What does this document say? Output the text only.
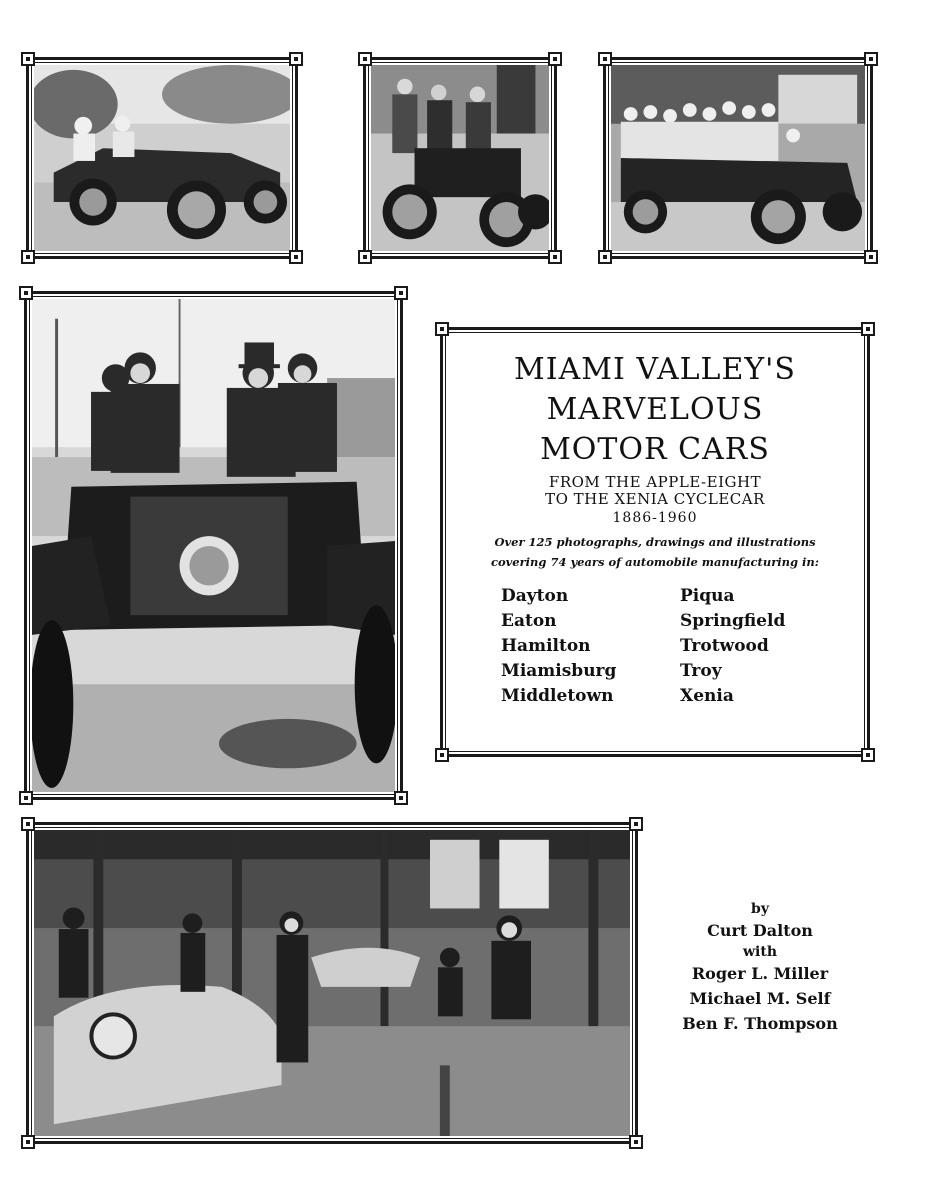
MIAMI VALLEY'S
MARVELOUS
MOTOR CARS
FROM THE APPLE-EIGHT
TO THE XENIA CYCLECAR
1886-1960
Over 125 photographs, drawings and illustrations
covering 74 years of automobile manufacturing in:
Dayton
Eaton
Hamilton
Miamisburg
Middletown
Piqua
Springfield
Trotwood
Troy
Xenia
by
Curt Dalton
with
Roger L. Miller
Michael M. Self
Ben F. Thompson
